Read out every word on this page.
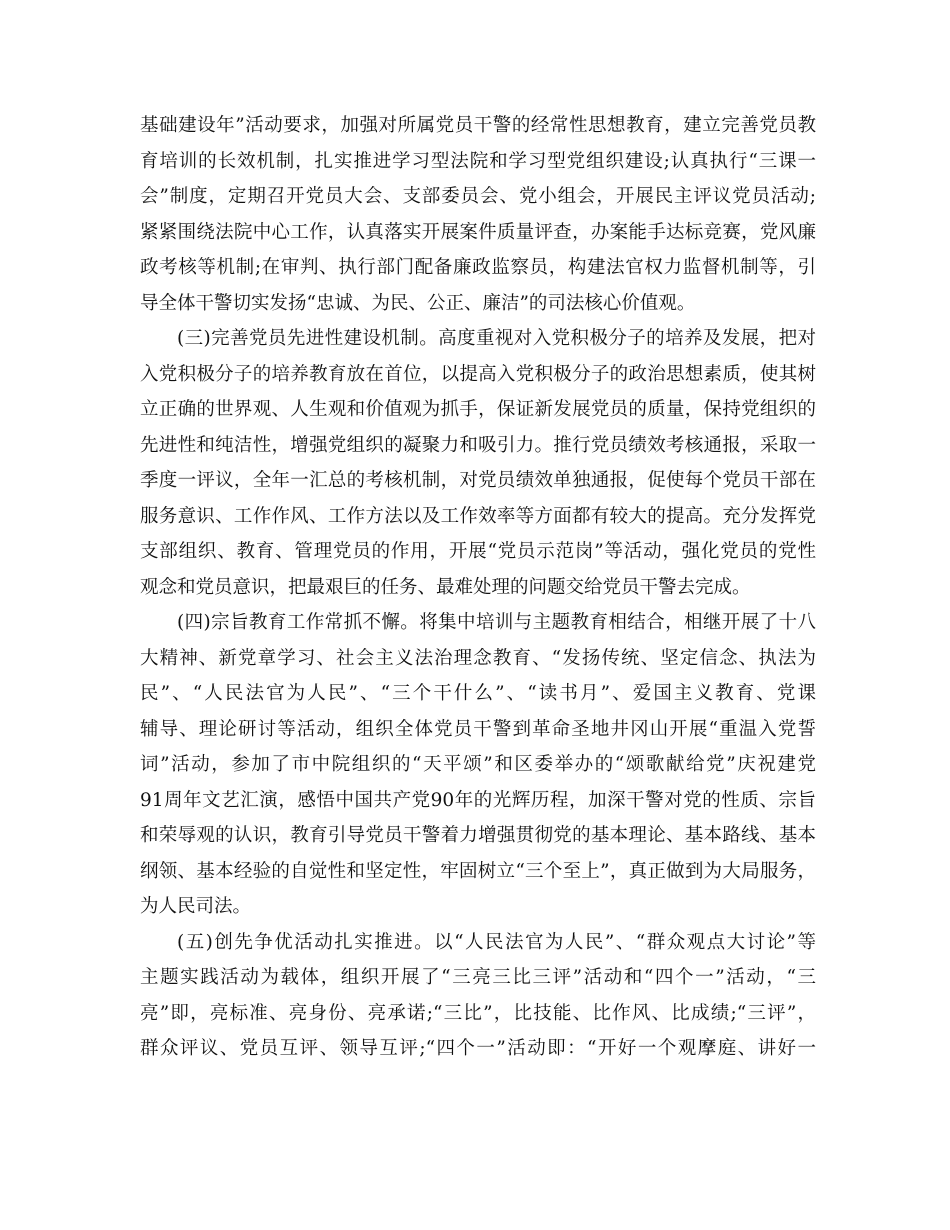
基础建设年”活动要求，加强对所属党员干警的经常性思想教育，建立完善党员教
育培训的长效机制，扎实推进学习型法院和学习型党组织建设;认真执行“三课一
会”制度，定期召开党员大会、支部委员会、党小组会，开展民主评议党员活动;
紧紧围绕法院中心工作，认真落实开展案件质量评查，办案能手达标竞赛，党风廉
政考核等机制;在审判、执行部门配备廉政监察员，构建法官权力监督机制等，引
导全体干警切实发扬“忠诚、为民、公正、廉洁”的司法核心价值观。
(三)完善党员先进性建设机制。高度重视对入党积极分子的培养及发展，把对
入党积极分子的培养教育放在首位，以提高入党积极分子的政治思想素质，使其树
立正确的世界观、人生观和价值观为抓手，保证新发展党员的质量，保持党组织的
先进性和纯洁性，增强党组织的凝聚力和吸引力。推行党员绩效考核通报，采取一
季度一评议，全年一汇总的考核机制，对党员绩效单独通报，促使每个党员干部在
服务意识、工作作风、工作方法以及工作效率等方面都有较大的提高。充分发挥党
支部组织、教育、管理党员的作用，开展“党员示范岗”等活动，强化党员的党性
观念和党员意识，把最艰巨的任务、最难处理的问题交给党员干警去完成。
(四)宗旨教育工作常抓不懈。将集中培训与主题教育相结合，相继开展了十八
大精神、新党章学习、社会主义法治理念教育、“发扬传统、坚定信念、执法为
民”、“人民法官为人民”、“三个干什么”、“读书月”、爱国主义教育、党课
辅导、理论研讨等活动，组织全体党员干警到革命圣地井冈山开展“重温入党誓
词”活动，参加了市中院组织的“天平颂”和区委举办的“颂歌献给党”庆祝建党
91周年文艺汇演，感悟中国共产党90年的光辉历程，加深干警对党的性质、宗旨
和荣辱观的认识，教育引导党员干警着力增强贯彻党的基本理论、基本路线、基本
纲领、基本经验的自觉性和坚定性，牢固树立“三个至上”，真正做到为大局服务，
为人民司法。
(五)创先争优活动扎实推进。以“人民法官为人民”、“群众观点大讨论”等
主题实践活动为载体，组织开展了“三亮三比三评”活动和“四个一”活动，“三
亮”即，亮标准、亮身份、亮承诺;“三比”，比技能、比作风、比成绩;“三评”，
群众评议、党员互评、领导互评;“四个一”活动即：“开好一个观摩庭、讲好一
